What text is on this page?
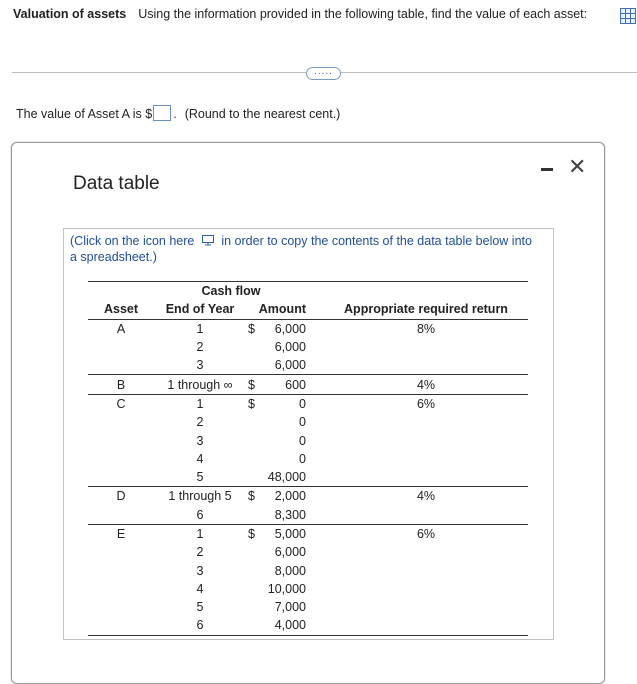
Valuation of assets Using the information provided in the following table, find the value of each asset:
.....
The value of Asset A is $ . (Round to the nearest cent.)
Data table
✕
(Click on the icon here in order to copy the contents of the data table below into a spreadsheet.)
	Cash flow			
Asset	End of Year	Amount		Appropriate required return
A	1	$	6,000	8%
	2		6,000	
	3		6,000	
B	1 through ∞	$	600	4%
C	1	$	0	6%
	2		0	
	3		0	
	4		0	
	5		48,000	
D	1 through 5	$	2,000	4%
	6		8,300	
E	1	$	5,000	6%
	2		6,000	
	3		8,000	
	4		10,000	
	5		7,000	
	6		4,000	
